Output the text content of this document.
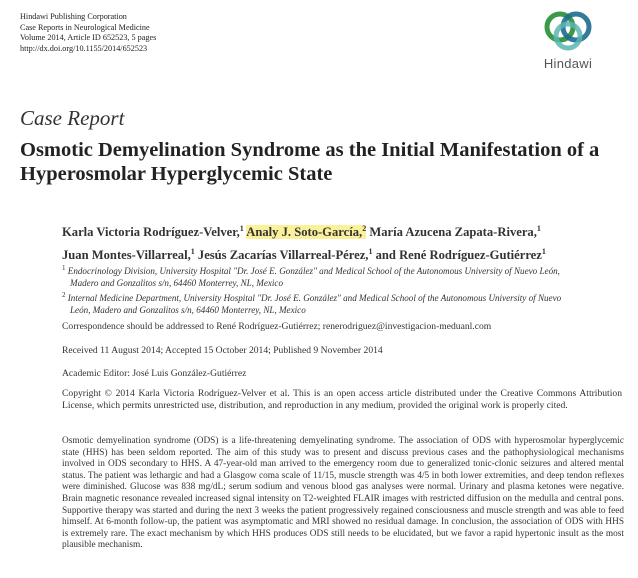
Hindawi Publishing Corporation
Case Reports in Neurological Medicine
Volume 2014, Article ID 652523, 5 pages
http://dx.doi.org/10.1155/2014/652523
Hindawi
Case Report
Osmotic Demyelination Syndrome as the Initial Manifestation of a Hyperosmolar Hyperglycemic State
Karla Victoria Rodríguez-Velver,$^1$ Analy J. Soto-García,$^2$ María Azucena Zapata-Rivera,$^1$
Juan Montes-Villarreal,$^1$ Jesús Zacarías Villarreal-Pérez,$^1$ and René Rodríguez-Gutiérrez$^1$
$^1$ Endocrinology Division, University Hospital "Dr. José E. González" and Medical School of the Autonomous University of Nuevo León,
Madero and Gonzalitos s/n, 64460 Monterrey, NL, Mexico
$^2$ Internal Medicine Department, University Hospital "Dr. José E. González" and Medical School of the Autonomous University of Nuevo
León, Madero and Gonzalitos s/n, 64460 Monterrey, NL, Mexico
Correspondence should be addressed to René Rodríguez-Gutiérrez; renerodriguez@investigacion-meduanl.com
Received 11 August 2014; Accepted 15 October 2014; Published 9 November 2014
Academic Editor: José Luis González-Gutiérrez
Copyright © 2014 Karla Victoria Rodríguez-Velver et al. This is an open access article distributed under the Creative Commons Attribution License, which permits unrestricted use, distribution, and reproduction in any medium, provided the original work is properly cited.
Osmotic demyelination syndrome (ODS) is a life-threatening demyelinating syndrome. The association of ODS with hyperosmolar hyperglycemic state (HHS) has been seldom reported. The aim of this study was to present and discuss previous cases and the pathophysiological mechanisms involved in ODS secondary to HHS. A 47-year-old man arrived to the emergency room due to generalized tonic-clonic seizures and altered mental status. The patient was lethargic and had a Glasgow coma scale of 11/15, muscle strength was 4/5 in both lower extremities, and deep tendon reflexes were diminished. Glucose was 838 mg/dL; serum sodium and venous blood gas analyses were normal. Urinary and plasma ketones were negative. Brain magnetic resonance revealed increased signal intensity on T2-weighted FLAIR images with restricted diffusion on the medulla and central pons. Supportive therapy was started and during the next 3 weeks the patient progressively regained consciousness and muscle strength and was able to feed himself. At 6-month follow-up, the patient was asymptomatic and MRI showed no residual damage. In conclusion, the association of ODS with HHS is extremely rare. The exact mechanism by which HHS produces ODS still needs to be elucidated, but we favor a rapid hypertonic insult as the most plausible mechanism.
